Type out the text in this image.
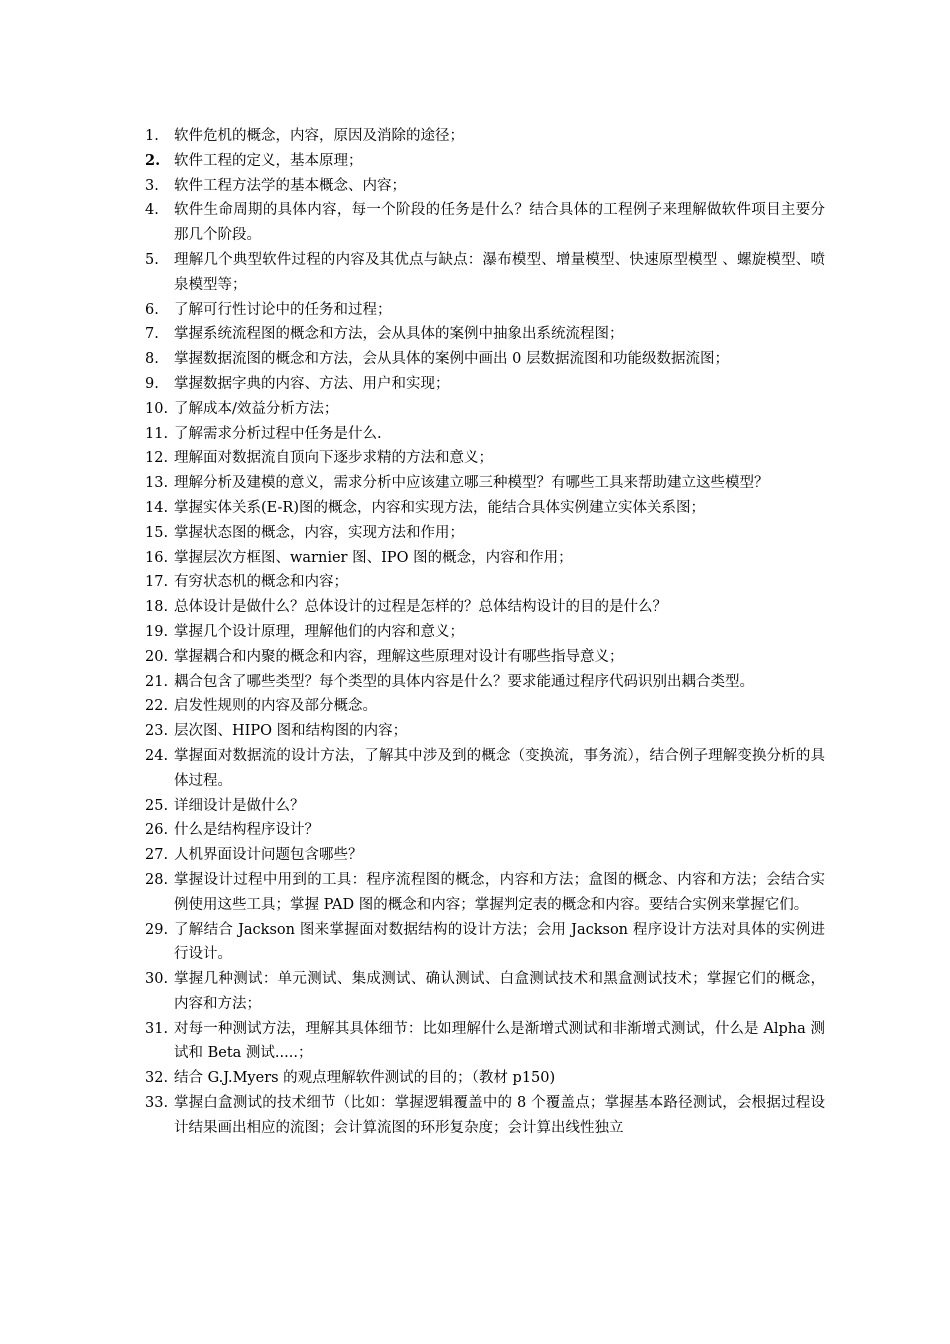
1.	软件危机的概念，内容，原因及消除的途径；
2. 软件工程的定义，基本原理；
3.	软件工程方法学的基本概念、内容；
4.	软件生命周期的具体内容，每一个阶段的任务是什么？结合具体的工程例子来理解做软件项目主要分那几个阶段。
5.	理解几个典型软件过程的内容及其优点与缺点：瀑布模型、增量模型、快速原型模型 、螺旋模型、喷泉模型等；
6.	了解可行性讨论中的任务和过程；
7.	掌握系统流程图的概念和方法，会从具体的案例中抽象出系统流程图；
8.	掌握数据流图的概念和方法，会从具体的案例中画出 0 层数据流图和功能级数据流图；
9.	掌握数据字典的内容、方法、用户和实现；
10. 了解成本/效益分析方法；
11. 了解需求分析过程中任务是什么.
12. 理解面对数据流自顶向下逐步求精的方法和意义；
13. 理解分析及建模的意义，需求分析中应该建立哪三种模型？有哪些工具来帮助建立这些模型？
14. 掌握实体关系(E-R)图的概念，内容和实现方法，能结合具体实例建立实体关系图；
15. 掌握状态图的概念，内容，实现方法和作用；
16. 掌握层次方框图、warnier 图、IPO 图的概念，内容和作用；
17. 有穷状态机的概念和内容；
18. 总体设计是做什么？总体设计的过程是怎样的？总体结构设计的目的是什么？
19. 掌握几个设计原理，理解他们的内容和意义；
20. 掌握耦合和内聚的概念和内容，理解这些原理对设计有哪些指导意义；
21. 耦合包含了哪些类型？每个类型的具体内容是什么？要求能通过程序代码识别出耦合类型。
22. 启发性规则的内容及部分概念。
23. 层次图、HIPO 图和结构图的内容；
24. 掌握面对数据流的设计方法，了解其中涉及到的概念（变换流，事务流），结合例子理解变换分析的具体过程。
25. 详细设计是做什么？
26. 什么是结构程序设计？
27. 人机界面设计问题包含哪些？
28. 掌握设计过程中用到的工具：程序流程图的概念，内容和方法；盒图的概念、内容和方法；会结合实例使用这些工具；掌握 PAD 图的概念和内容；掌握判定表的概念和内容。要结合实例来掌握它们。
29. 了解结合 Jackson 图来掌握面对数据结构的设计方法；会用 Jackson 程序设计方法对具体的实例进行设计。
30. 掌握几种测试：单元测试、集成测试、确认测试、白盒测试技术和黑盒测试技术；掌握它们的概念，内容和方法；
31. 对每一种测试方法，理解其具体细节：比如理解什么是渐增式测试和非渐增式测试，什么是 Alpha 测试和 Beta 测试.....；
32. 结合 G.J.Myers 的观点理解软件测试的目的；（教材 p150)
33. 掌握白盒测试的技术细节（比如：掌握逻辑覆盖中的 8 个覆盖点；掌握基本路径测试，会根据过程设计结果画出相应的流图；会计算流图的环形复杂度；会计算出线性独立
